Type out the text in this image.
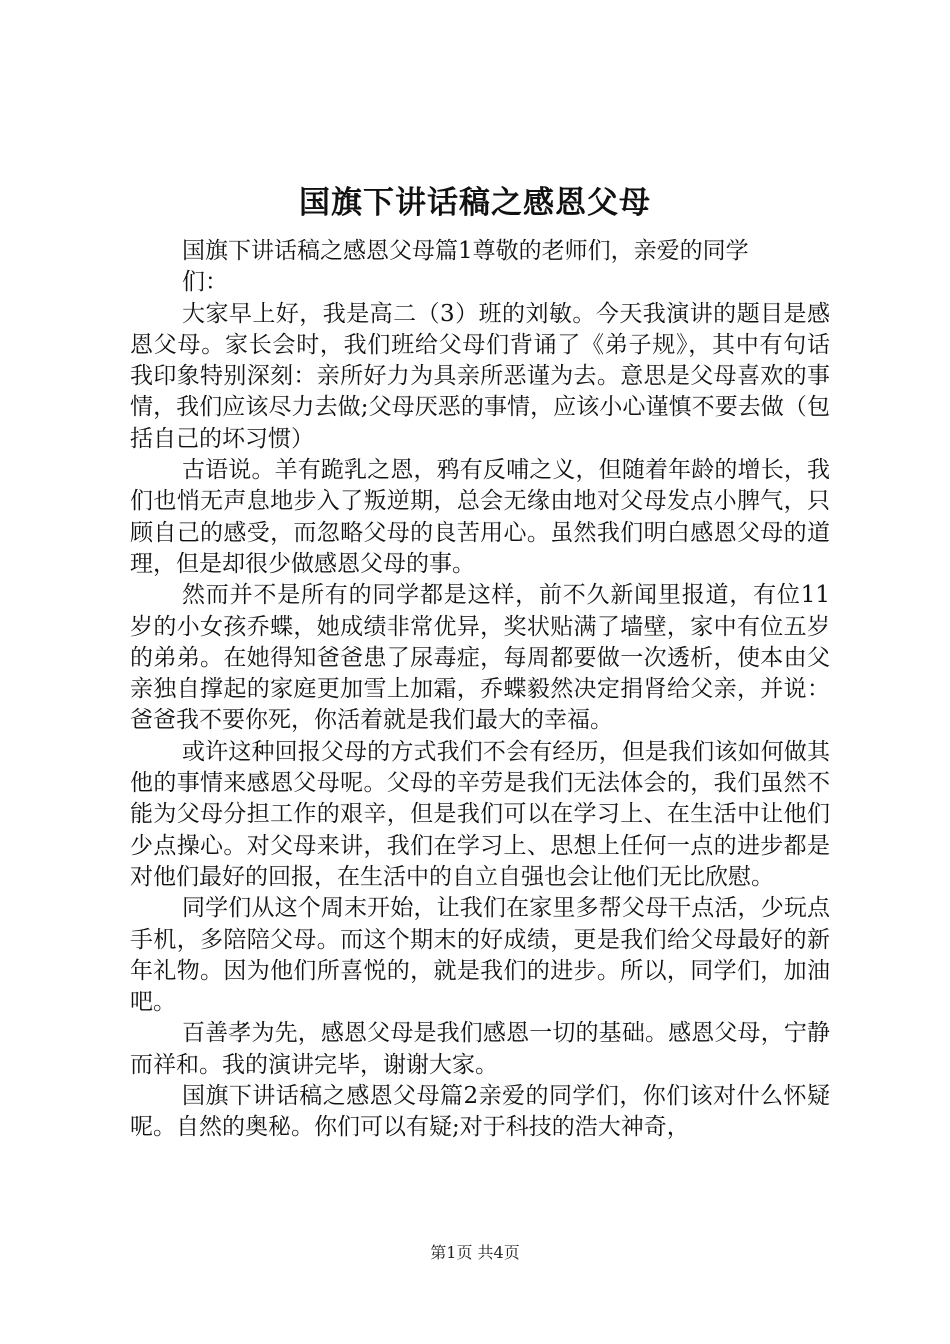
国旗下讲话稿之感恩父母

国旗下讲话稿之感恩父母篇1尊敬的老师们，亲爱的同学们：

大家早上好，我是高二（3）班的刘敏。今天我演讲的题目是感恩父母。家长会时，我们班给父母们背诵了《弟子规》，其中有句话我印象特别深刻：亲所好力为具亲所恶谨为去。意思是父母喜欢的事情，我们应该尽力去做;父母厌恶的事情，应该小心谨慎不要去做（包括自己的坏习惯）

古语说。羊有跪乳之恩，鸦有反哺之义，但随着年龄的增长，我们也悄无声息地步入了叛逆期，总会无缘由地对父母发点小脾气，只顾自己的感受，而忽略父母的良苦用心。虽然我们明白感恩父母的道理，但是却很少做感恩父母的事。

然而并不是所有的同学都是这样，前不久新闻里报道，有位11岁的小女孩乔蝶，她成绩非常优异，奖状贴满了墙壁，家中有位五岁的弟弟。在她得知爸爸患了尿毒症，每周都要做一次透析，使本由父亲独自撑起的家庭更加雪上加霜，乔蝶毅然决定捐肾给父亲，并说：爸爸我不要你死，你活着就是我们最大的幸福。

或许这种回报父母的方式我们不会有经历，但是我们该如何做其他的事情来感恩父母呢。父母的辛劳是我们无法体会的，我们虽然不能为父母分担工作的艰辛，但是我们可以在学习上、在生活中让他们少点操心。对父母来讲，我们在学习上、思想上任何一点的进步都是对他们最好的回报，在生活中的自立自强也会让他们无比欣慰。

同学们从这个周末开始，让我们在家里多帮父母干点活，少玩点手机，多陪陪父母。而这个期末的好成绩，更是我们给父母最好的新年礼物。因为他们所喜悦的，就是我们的进步。所以，同学们，加油吧。

百善孝为先，感恩父母是我们感恩一切的基础。感恩父母，宁静而祥和。我的演讲完毕，谢谢大家。

国旗下讲话稿之感恩父母篇2亲爱的同学们，你们该对什么怀疑呢。自然的奥秘。你们可以有疑;对于科技的浩大神奇，

第1页 共4页
